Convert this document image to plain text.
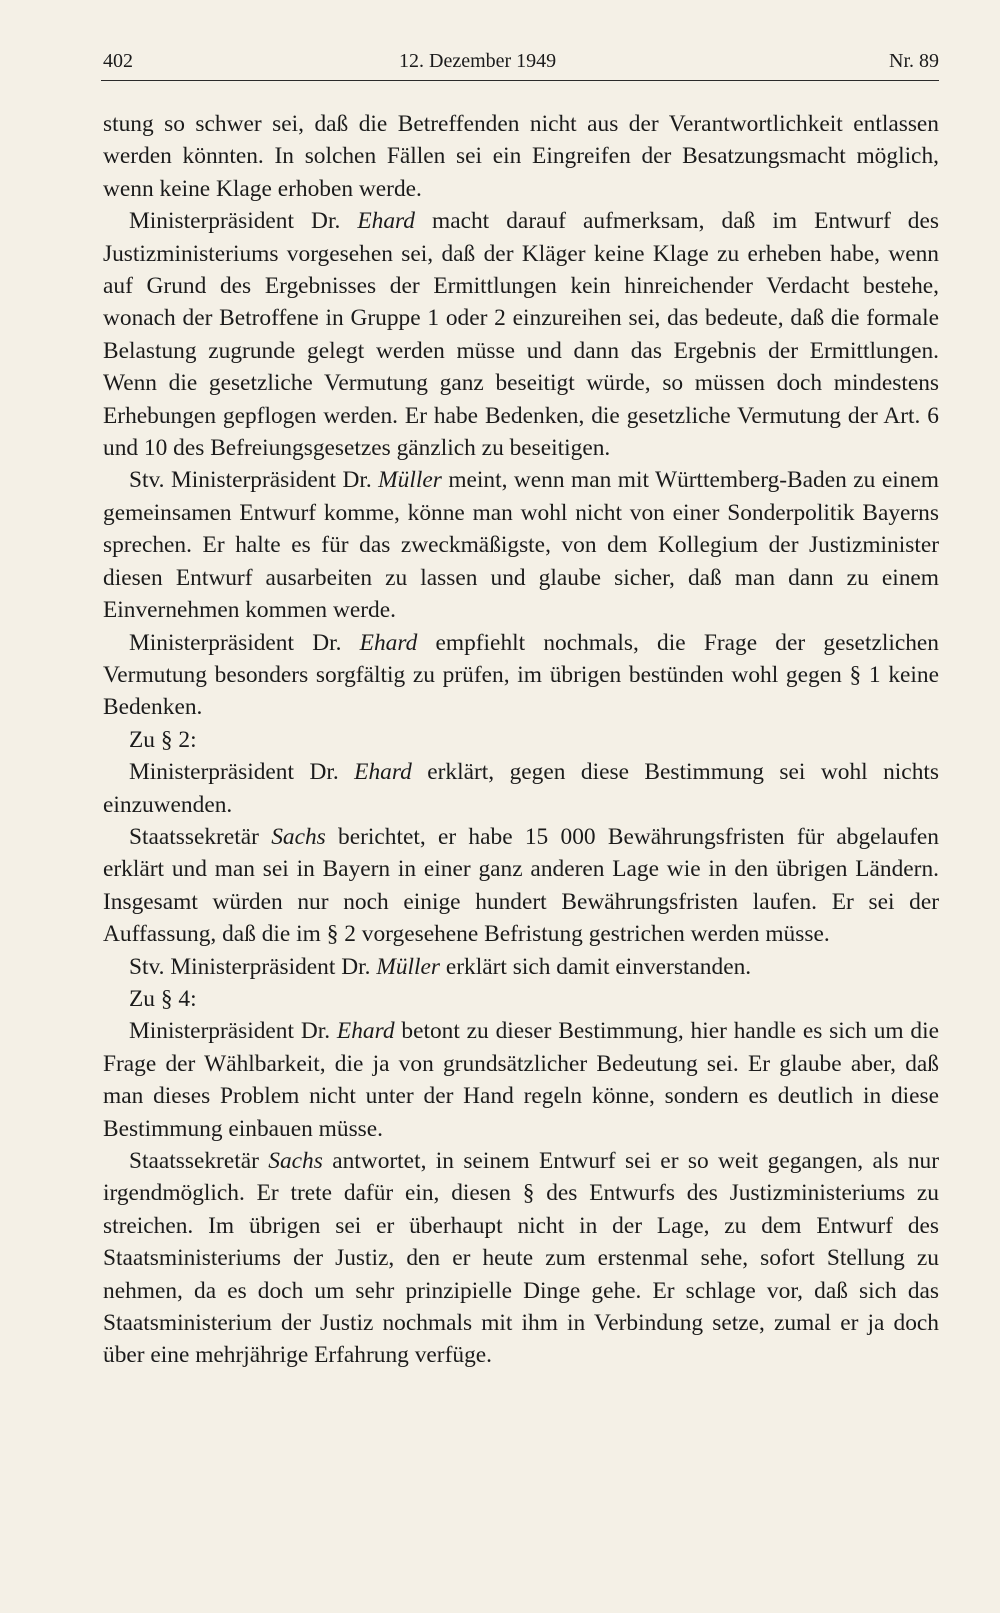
402	12. Dezember 1949	Nr. 89

stung so schwer sei, daß die Betreffenden nicht aus der Verantwortlichkeit entlassen werden könnten. In solchen Fällen sei ein Eingreifen der Besatzungsmacht möglich, wenn keine Klage erhoben werde.

Ministerpräsident Dr. Ehard macht darauf aufmerksam, daß im Entwurf des Justizministeriums vorgesehen sei, daß der Kläger keine Klage zu erheben habe, wenn auf Grund des Ergebnisses der Ermittlungen kein hinreichender Verdacht bestehe, wonach der Betroffene in Gruppe 1 oder 2 einzureihen sei, das bedeute, daß die formale Belastung zugrunde gelegt werden müsse und dann das Ergebnis der Ermittlungen. Wenn die gesetzliche Vermutung ganz beseitigt würde, so müssen doch mindestens Erhebungen gepflogen werden. Er habe Bedenken, die gesetzliche Vermutung der Art. 6 und 10 des Befreiungsgesetzes gänzlich zu beseitigen.

Stv. Ministerpräsident Dr. Müller meint, wenn man mit Württemberg-Baden zu einem gemeinsamen Entwurf komme, könne man wohl nicht von einer Sonderpolitik Bayerns sprechen. Er halte es für das zweckmäßigste, von dem Kollegium der Justizminister diesen Entwurf ausarbeiten zu lassen und glaube sicher, daß man dann zu einem Einvernehmen kommen werde.

Ministerpräsident Dr. Ehard empfiehlt nochmals, die Frage der gesetzlichen Vermutung besonders sorgfältig zu prüfen, im übrigen bestünden wohl gegen § 1 keine Bedenken.

Zu § 2:

Ministerpräsident Dr. Ehard erklärt, gegen diese Bestimmung sei wohl nichts einzuwenden.

Staatssekretär Sachs berichtet, er habe 15 000 Bewährungsfristen für abgelaufen erklärt und man sei in Bayern in einer ganz anderen Lage wie in den übrigen Ländern. Insgesamt würden nur noch einige hundert Bewährungsfristen laufen. Er sei der Auffassung, daß die im § 2 vorgesehene Befristung gestrichen werden müsse.

Stv. Ministerpräsident Dr. Müller erklärt sich damit einverstanden.

Zu § 4:

Ministerpräsident Dr. Ehard betont zu dieser Bestimmung, hier handle es sich um die Frage der Wählbarkeit, die ja von grundsätzlicher Bedeutung sei. Er glaube aber, daß man dieses Problem nicht unter der Hand regeln könne, sondern es deutlich in diese Bestimmung einbauen müsse.

Staatssekretär Sachs antwortet, in seinem Entwurf sei er so weit gegangen, als nur irgendmöglich. Er trete dafür ein, diesen § des Entwurfs des Justizministeriums zu streichen. Im übrigen sei er überhaupt nicht in der Lage, zu dem Entwurf des Staatsministeriums der Justiz, den er heute zum erstenmal sehe, sofort Stellung zu nehmen, da es doch um sehr prinzipielle Dinge gehe. Er schlage vor, daß sich das Staatsministerium der Justiz nochmals mit ihm in Verbindung setze, zumal er ja doch über eine mehrjährige Erfahrung verfüge.
